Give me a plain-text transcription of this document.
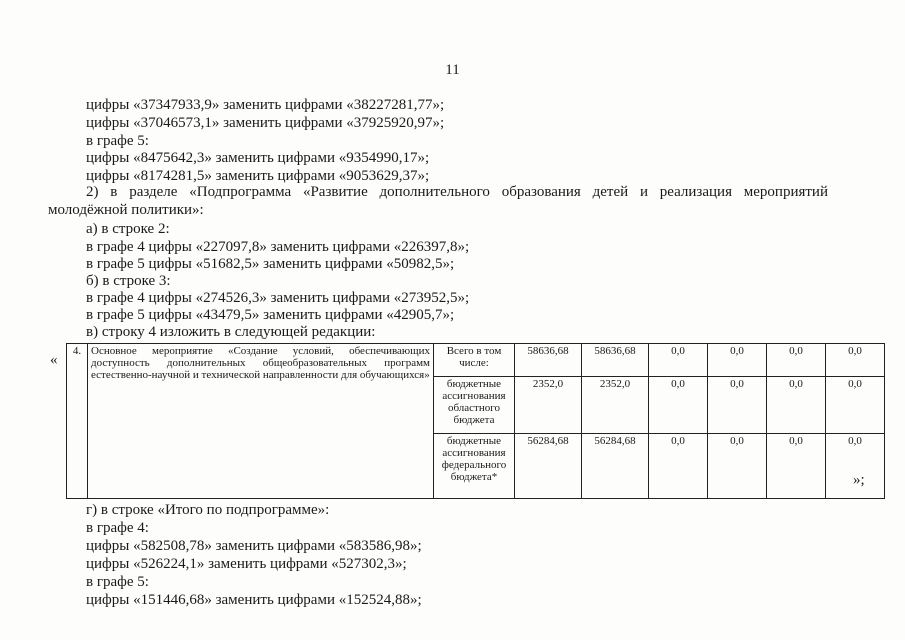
11
цифры «37347933,9» заменить цифрами «38227281,77»;
цифры «37046573,1» заменить цифрами «37925920,97»;
в графе 5:
цифры «8475642,3» заменить цифрами «9354990,17»;
цифры «8174281,5» заменить цифрами «9053629,37»;
2) в разделе «Подпрограмма «Развитие дополнительного образования детей и реализация мероприятий
молодёжной политики»:
а) в строке 2:
в графе 4 цифры «227097,8» заменить цифрами «226397,8»;
в графе 5 цифры «51682,5» заменить цифрами «50982,5»;
б) в строке 3:
в графе 4 цифры «274526,3» заменить цифрами «273952,5»;
в графе 5 цифры «43479,5» заменить цифрами «42905,7»;
в) строку 4 изложить в следующей редакции:
«
4.	Основное мероприятие «Создание условий, обеспечивающих доступность дополнительных общеобразовательных программ естественно-научной и технической направленности для обучающихся»	Всего в том числе:	58636,68	58636,68	0,0	0,0	0,0	0,0
		бюджетные ассигнования областного бюджета	2352,0	2352,0	0,0	0,0	0,0	0,0
		бюджетные ассигнования федерального бюджета*	56284,68	56284,68	0,0	0,0	0,0	0,0
»;
г) в строке «Итого по подпрограмме»:
в графе 4:
цифры «582508,78» заменить цифрами «583586,98»;
цифры «526224,1» заменить цифрами «527302,3»;
в графе 5:
цифры «151446,68» заменить цифрами «152524,88»;
